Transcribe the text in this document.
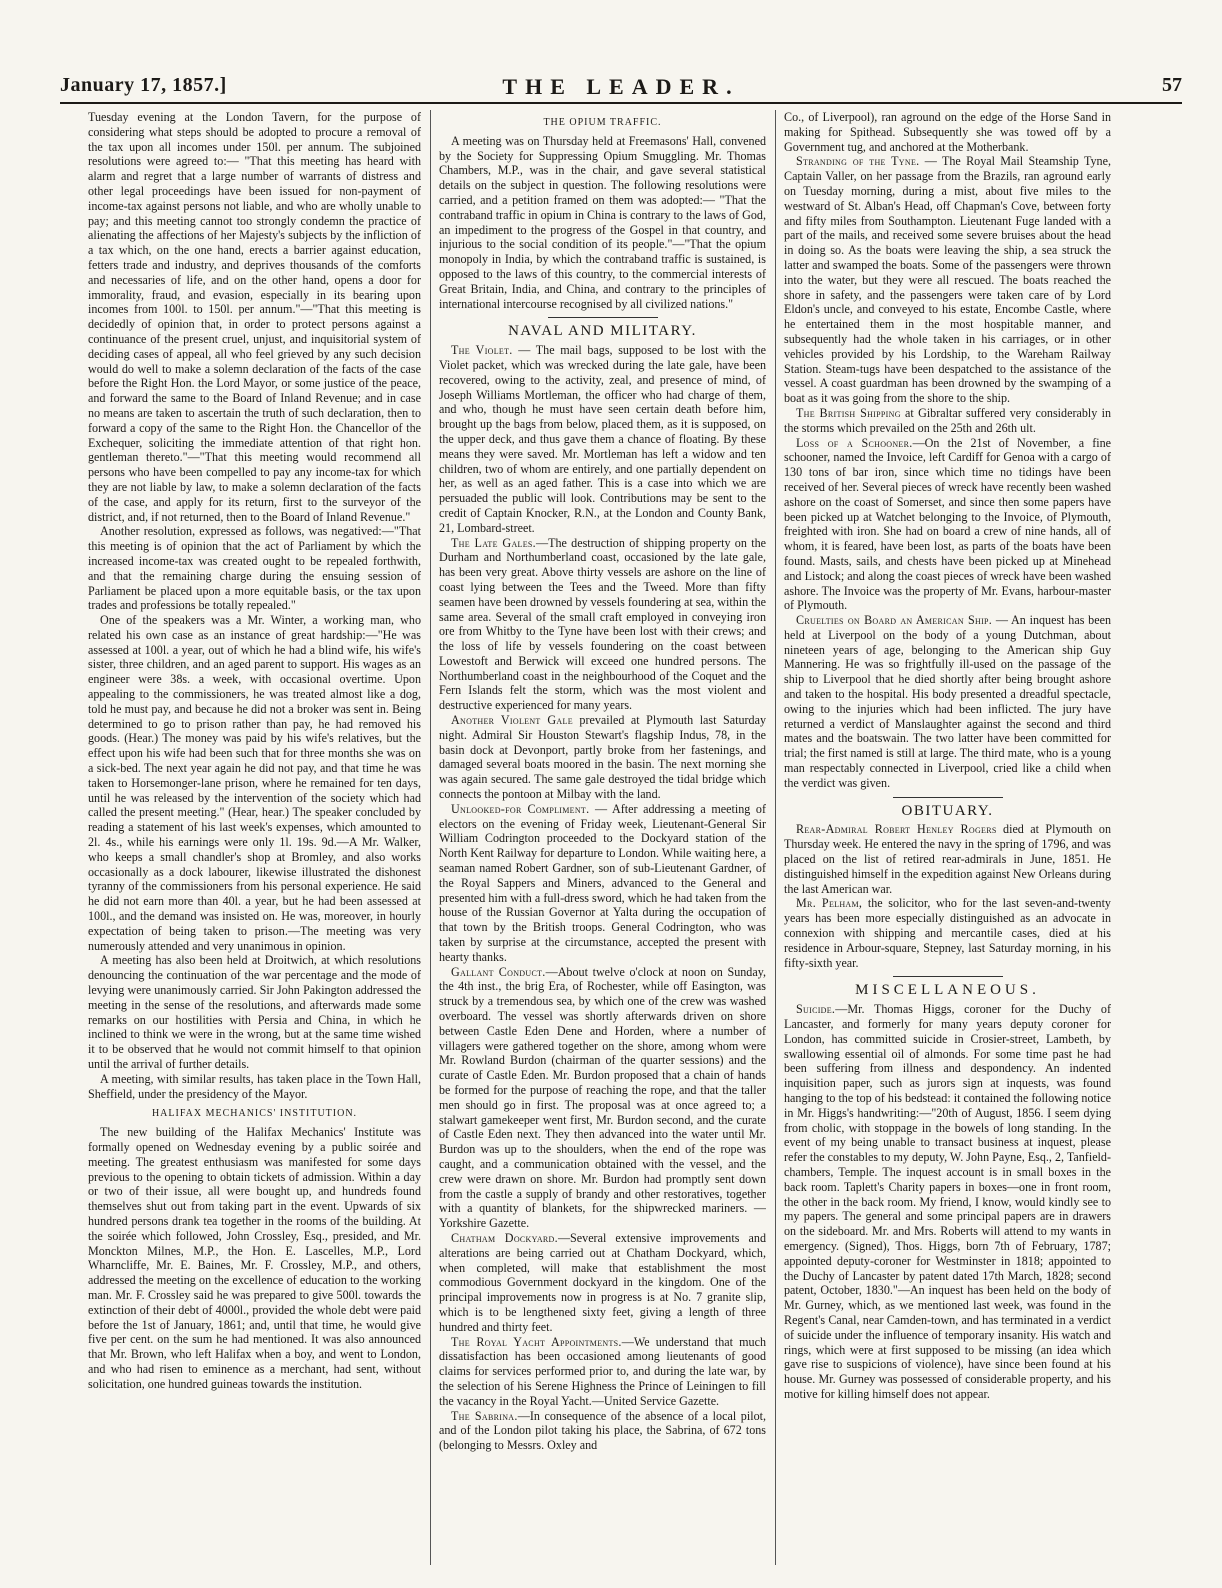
January 17, 1857.]	THE LEADER.	57

Tuesday evening at the London Tavern, for the purpose of considering what steps should be adopted to procure a removal of the tax upon all incomes under 150l. per annum. The subjoined resolutions were agreed to:— "That this meeting has heard with alarm and regret that a large number of warrants of distress and other legal proceedings have been issued for non-payment of income-tax against persons not liable, and who are wholly unable to pay; and this meeting cannot too strongly condemn the practice of alienating the affections of her Majesty's subjects by the infliction of a tax which, on the one hand, erects a barrier against education, fetters trade and industry, and deprives thousands of the comforts and necessaries of life, and on the other hand, opens a door for immorality, fraud, and evasion, especially in its bearing upon incomes from 100l. to 150l. per annum."—"That this meeting is decidedly of opinion that, in order to protect persons against a continuance of the present cruel, unjust, and inquisitorial system of deciding cases of appeal, all who feel grieved by any such decision would do well to make a solemn declaration of the facts of the case before the Right Hon. the Lord Mayor, or some justice of the peace, and forward the same to the Board of Inland Revenue; and in case no means are taken to ascertain the truth of such declaration, then to forward a copy of the same to the Right Hon. the Chancellor of the Exchequer, soliciting the immediate attention of that right hon. gentleman thereto."—"That this meeting would recommend all persons who have been compelled to pay any income-tax for which they are not liable by law, to make a solemn declaration of the facts of the case, and apply for its return, first to the surveyor of the district, and, if not returned, then to the Board of Inland Revenue."

Another resolution, expressed as follows, was negatived:—"That this meeting is of opinion that the act of Parliament by which the increased income-tax was created ought to be repealed forthwith, and that the remaining charge during the ensuing session of Parliament be placed upon a more equitable basis, or the tax upon trades and professions be totally repealed."

One of the speakers was a Mr. Winter, a working man, who related his own case as an instance of great hardship:—"He was assessed at 100l. a year, out of which he had a blind wife, his wife's sister, three children, and an aged parent to support. His wages as an engineer were 38s. a week, with occasional overtime. Upon appealing to the commissioners, he was treated almost like a dog, told he must pay, and because he did not a broker was sent in. Being determined to go to prison rather than pay, he had removed his goods. (Hear.) The money was paid by his wife's relatives, but the effect upon his wife had been such that for three months she was on a sick-bed. The next year again he did not pay, and that time he was taken to Horsemonger-lane prison, where he remained for ten days, until he was released by the intervention of the society which had called the present meeting." (Hear, hear.) The speaker concluded by reading a statement of his last week's expenses, which amounted to 2l. 4s., while his earnings were only 1l. 19s. 9d.—A Mr. Walker, who keeps a small chandler's shop at Bromley, and also works occasionally as a dock labourer, likewise illustrated the dishonest tyranny of the commissioners from his personal experience. He said he did not earn more than 40l. a year, but he had been assessed at 100l., and the demand was insisted on. He was, moreover, in hourly expectation of being taken to prison.—The meeting was very numerously attended and very unanimous in opinion.

A meeting has also been held at Droitwich, at which resolutions denouncing the continuation of the war percentage and the mode of levying were unanimously carried. Sir John Pakington addressed the meeting in the sense of the resolutions, and afterwards made some remarks on our hostilities with Persia and China, in which he inclined to think we were in the wrong, but at the same time wished it to be observed that he would not commit himself to that opinion until the arrival of further details.

A meeting, with similar results, has taken place in the Town Hall, Sheffield, under the presidency of the Mayor.

HALIFAX MECHANICS' INSTITUTION.

The new building of the Halifax Mechanics' Institute was formally opened on Wednesday evening by a public soirée and meeting. The greatest enthusiasm was manifested for some days previous to the opening to obtain tickets of admission. Within a day or two of their issue, all were bought up, and hundreds found themselves shut out from taking part in the event. Upwards of six hundred persons drank tea together in the rooms of the building. At the soirée which followed, John Crossley, Esq., presided, and Mr. Monckton Milnes, M.P., the Hon. E. Lascelles, M.P., Lord Wharncliffe, Mr. E. Baines, Mr. F. Crossley, M.P., and others, addressed the meeting on the excellence of education to the working man. Mr. F. Crossley said he was prepared to give 500l. towards the extinction of their debt of 4000l., provided the whole debt were paid before the 1st of January, 1861; and, until that time, he would give five per cent. on the sum he had mentioned. It was also announced that Mr. Brown, who left Halifax when a boy, and went to London, and who had risen to eminence as a merchant, had sent, without solicitation, one hundred guineas towards the institution.

THE OPIUM TRAFFIC.

A meeting was on Thursday held at Freemasons' Hall, convened by the Society for Suppressing Opium Smuggling. Mr. Thomas Chambers, M.P., was in the chair, and gave several statistical details on the subject in question. The following resolutions were carried, and a petition framed on them was adopted:— "That the contraband traffic in opium in China is contrary to the laws of God, an impediment to the progress of the Gospel in that country, and injurious to the social condition of its people."—"That the opium monopoly in India, by which the contraband traffic is sustained, is opposed to the laws of this country, to the commercial interests of Great Britain, India, and China, and contrary to the principles of international intercourse recognised by all civilized nations."

NAVAL AND MILITARY.

The Violet. — The mail bags, supposed to be lost with the Violet packet, which was wrecked during the late gale, have been recovered, owing to the activity, zeal, and presence of mind, of Joseph Williams Mortleman, the officer who had charge of them, and who, though he must have seen certain death before him, brought up the bags from below, placed them, as it is supposed, on the upper deck, and thus gave them a chance of floating. By these means they were saved. Mr. Mortleman has left a widow and ten children, two of whom are entirely, and one partially dependent on her, as well as an aged father. This is a case into which we are persuaded the public will look. Contributions may be sent to the credit of Captain Knocker, R.N., at the London and County Bank, 21, Lombard-street.

The Late Gales.—The destruction of shipping property on the Durham and Northumberland coast, occasioned by the late gale, has been very great. Above thirty vessels are ashore on the line of coast lying between the Tees and the Tweed. More than fifty seamen have been drowned by vessels foundering at sea, within the same area. Several of the small craft employed in conveying iron ore from Whitby to the Tyne have been lost with their crews; and the loss of life by vessels foundering on the coast between Lowestoft and Berwick will exceed one hundred persons. The Northumberland coast in the neighbourhood of the Coquet and the Fern Islands felt the storm, which was the most violent and destructive experienced for many years.

Another Violent Gale prevailed at Plymouth last Saturday night. Admiral Sir Houston Stewart's flagship Indus, 78, in the basin dock at Devonport, partly broke from her fastenings, and damaged several boats moored in the basin. The next morning she was again secured. The same gale destroyed the tidal bridge which connects the pontoon at Milbay with the land.

Unlooked-for Compliment. — After addressing a meeting of electors on the evening of Friday week, Lieutenant-General Sir William Codrington proceeded to the Dockyard station of the North Kent Railway for departure to London. While waiting here, a seaman named Robert Gardner, son of sub-Lieutenant Gardner, of the Royal Sappers and Miners, advanced to the General and presented him with a full-dress sword, which he had taken from the house of the Russian Governor at Yalta during the occupation of that town by the British troops. General Codrington, who was taken by surprise at the circumstance, accepted the present with hearty thanks.

Gallant Conduct.—About twelve o'clock at noon on Sunday, the 4th inst., the brig Era, of Rochester, while off Easington, was struck by a tremendous sea, by which one of the crew was washed overboard. The vessel was shortly afterwards driven on shore between Castle Eden Dene and Horden, where a number of villagers were gathered together on the shore, among whom were Mr. Rowland Burdon (chairman of the quarter sessions) and the curate of Castle Eden. Mr. Burdon proposed that a chain of hands be formed for the purpose of reaching the rope, and that the taller men should go in first. The proposal was at once agreed to; a stalwart gamekeeper went first, Mr. Burdon second, and the curate of Castle Eden next. They then advanced into the water until Mr. Burdon was up to the shoulders, when the end of the rope was caught, and a communication obtained with the vessel, and the crew were drawn on shore. Mr. Burdon had promptly sent down from the castle a supply of brandy and other restoratives, together with a quantity of blankets, for the shipwrecked mariners. — Yorkshire Gazette.

Chatham Dockyard.—Several extensive improvements and alterations are being carried out at Chatham Dockyard, which, when completed, will make that establishment the most commodious Government dockyard in the kingdom. One of the principal improvements now in progress is at No. 7 granite slip, which is to be lengthened sixty feet, giving a length of three hundred and thirty feet.

The Royal Yacht Appointments.—We understand that much dissatisfaction has been occasioned among lieutenants of good claims for services performed prior to, and during the late war, by the selection of his Serene Highness the Prince of Leiningen to fill the vacancy in the Royal Yacht.—United Service Gazette.

The Sabrina.—In consequence of the absence of a local pilot, and of the London pilot taking his place, the Sabrina, of 672 tons (belonging to Messrs. Oxley and

Co., of Liverpool), ran aground on the edge of the Horse Sand in making for Spithead. Subsequently she was towed off by a Government tug, and anchored at the Motherbank.

Stranding of the Tyne. — The Royal Mail Steamship Tyne, Captain Valler, on her passage from the Brazils, ran aground early on Tuesday morning, during a mist, about five miles to the westward of St. Alban's Head, off Chapman's Cove, between forty and fifty miles from Southampton. Lieutenant Fuge landed with a part of the mails, and received some severe bruises about the head in doing so. As the boats were leaving the ship, a sea struck the latter and swamped the boats. Some of the passengers were thrown into the water, but they were all rescued. The boats reached the shore in safety, and the passengers were taken care of by Lord Eldon's uncle, and conveyed to his estate, Encombe Castle, where he entertained them in the most hospitable manner, and subsequently had the whole taken in his carriages, or in other vehicles provided by his Lordship, to the Wareham Railway Station. Steam-tugs have been despatched to the assistance of the vessel. A coast guardman has been drowned by the swamping of a boat as it was going from the shore to the ship.

The British Shipping at Gibraltar suffered very considerably in the storms which prevailed on the 25th and 26th ult.

Loss of a Schooner.—On the 21st of November, a fine schooner, named the Invoice, left Cardiff for Genoa with a cargo of 130 tons of bar iron, since which time no tidings have been received of her. Several pieces of wreck have recently been washed ashore on the coast of Somerset, and since then some papers have been picked up at Watchet belonging to the Invoice, of Plymouth, freighted with iron. She had on board a crew of nine hands, all of whom, it is feared, have been lost, as parts of the boats have been found. Masts, sails, and chests have been picked up at Minehead and Listock; and along the coast pieces of wreck have been washed ashore. The Invoice was the property of Mr. Evans, harbour-master of Plymouth.

Cruelties on Board an American Ship. — An inquest has been held at Liverpool on the body of a young Dutchman, about nineteen years of age, belonging to the American ship Guy Mannering. He was so frightfully ill-used on the passage of the ship to Liverpool that he died shortly after being brought ashore and taken to the hospital. His body presented a dreadful spectacle, owing to the injuries which had been inflicted. The jury have returned a verdict of Manslaughter against the second and third mates and the boatswain. The two latter have been committed for trial; the first named is still at large. The third mate, who is a young man respectably connected in Liverpool, cried like a child when the verdict was given.

OBITUARY.

Rear-Admiral Robert Henley Rogers died at Plymouth on Thursday week. He entered the navy in the spring of 1796, and was placed on the list of retired rear-admirals in June, 1851. He distinguished himself in the expedition against New Orleans during the last American war.

Mr. Pelham, the solicitor, who for the last seven-and-twenty years has been more especially distinguished as an advocate in connexion with shipping and mercantile cases, died at his residence in Arbour-square, Stepney, last Saturday morning, in his fifty-sixth year.

MISCELLANEOUS.

Suicide.—Mr. Thomas Higgs, coroner for the Duchy of Lancaster, and formerly for many years deputy coroner for London, has committed suicide in Crosier-street, Lambeth, by swallowing essential oil of almonds. For some time past he had been suffering from illness and despondency. An indented inquisition paper, such as jurors sign at inquests, was found hanging to the top of his bedstead: it contained the following notice in Mr. Higgs's handwriting:—"20th of August, 1856. I seem dying from cholic, with stoppage in the bowels of long standing. In the event of my being unable to transact business at inquest, please refer the constables to my deputy, W. John Payne, Esq., 2, Tanfield-chambers, Temple. The inquest account is in small boxes in the back room. Taplett's Charity papers in boxes—one in front room, the other in the back room. My friend, I know, would kindly see to my papers. The general and some principal papers are in drawers on the sideboard. Mr. and Mrs. Roberts will attend to my wants in emergency. (Signed), Thos. Higgs, born 7th of February, 1787; appointed deputy-coroner for Westminster in 1818; appointed to the Duchy of Lancaster by patent dated 17th March, 1828; second patent, October, 1830."—An inquest has been held on the body of Mr. Gurney, which, as we mentioned last week, was found in the Regent's Canal, near Camden-town, and has terminated in a verdict of suicide under the influence of temporary insanity. His watch and rings, which were at first supposed to be missing (an idea which gave rise to suspicions of violence), have since been found at his house. Mr. Gurney was possessed of considerable property, and his motive for killing himself does not appear.
